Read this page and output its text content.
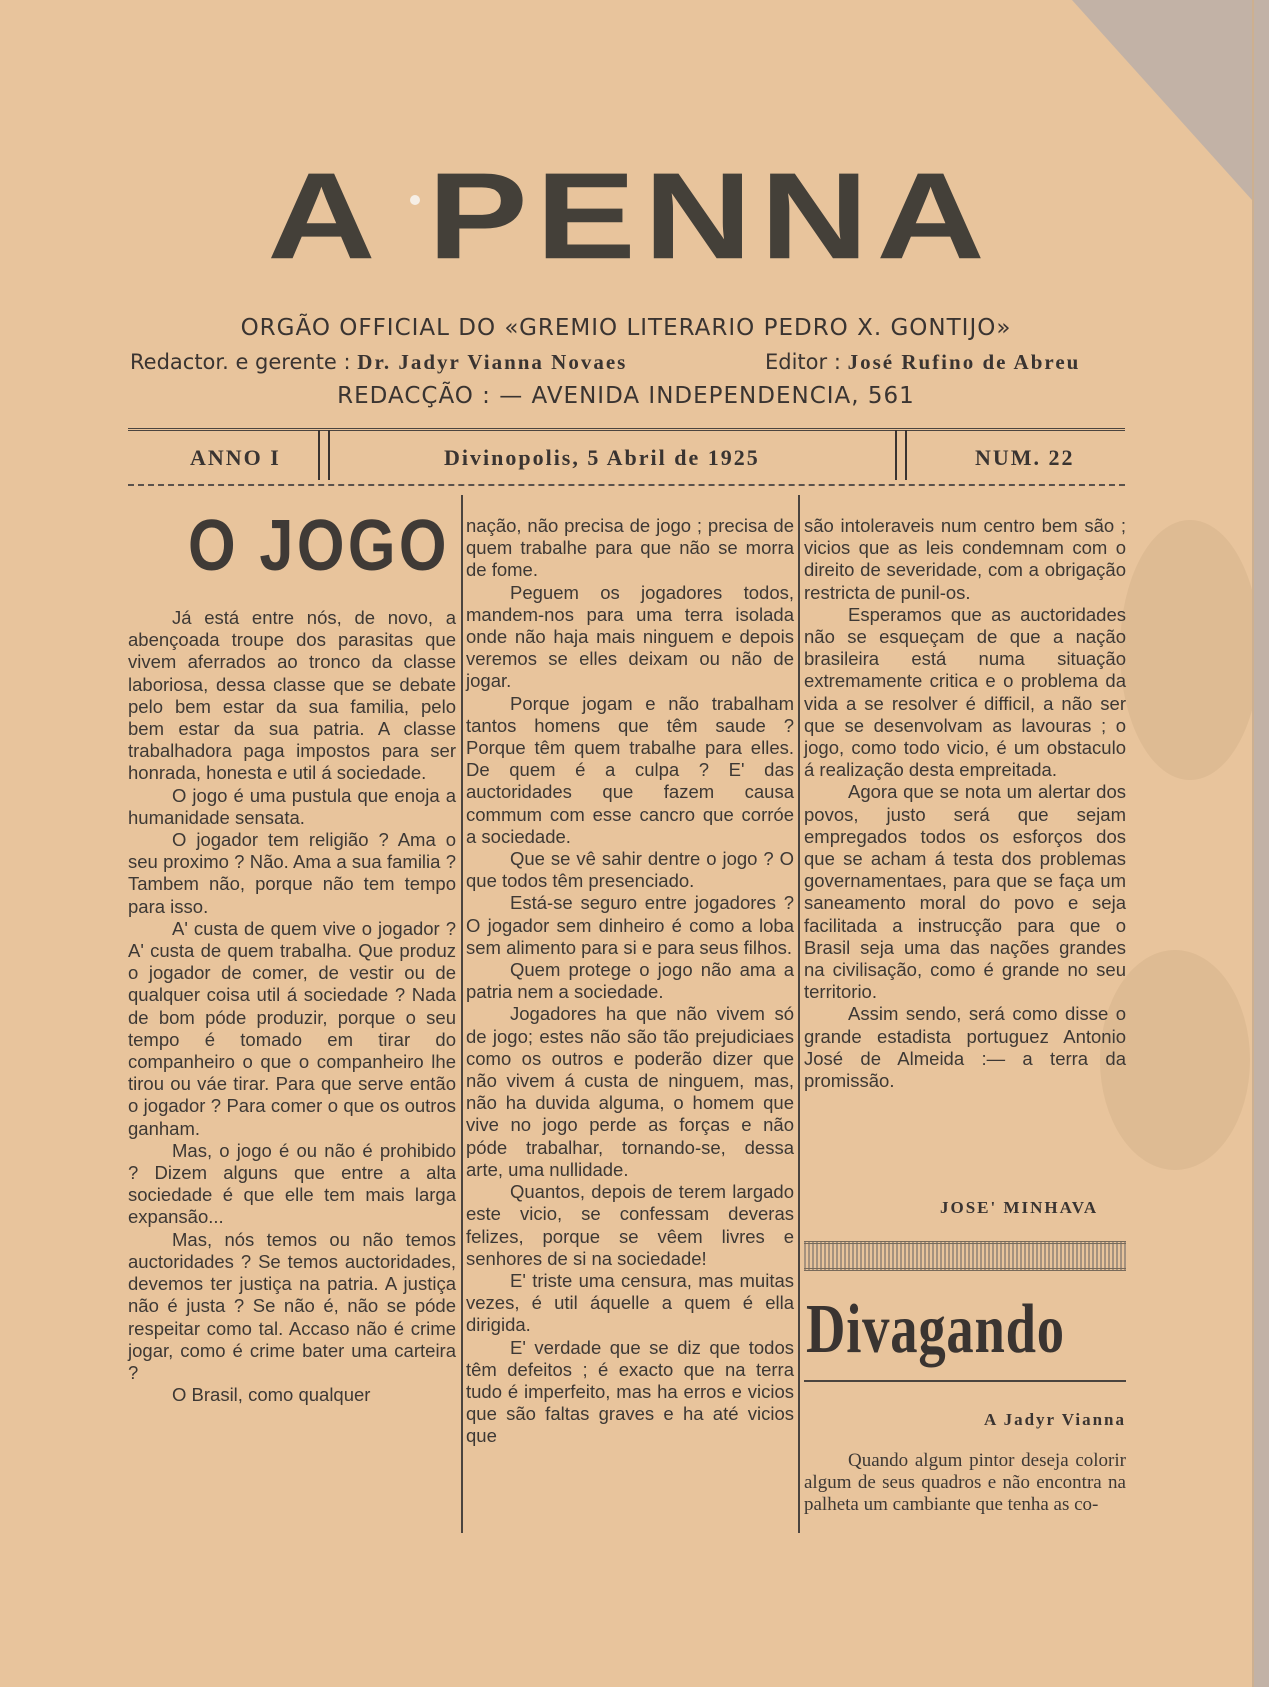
A PENNA
ORGÃO OFFICIAL DO «GREMIO LITERARIO PEDRO X. GONTIJO»
Redactor. e gerente : Dr. Jadyr Vianna Novaes	Editor : José Rufino de Abreu
REDACÇÃO : — AVENIDA INDEPENDENCIA, 561
ANNO I	Divinopolis, 5 Abril de 1925	NUM. 22
O JOGO

Já está entre nós, de novo, a abençoada troupe dos parasitas que vivem aferrados ao tronco da classe laboriosa, dessa classe que se debate pelo bem estar da sua familia, pelo bem estar da sua patria. A classe trabalhadora paga impostos para ser honrada, honesta e util á sociedade.

O jogo é uma pustula que enoja a humanidade sensata.

O jogador tem religião ? Ama o seu proximo ? Não. Ama a sua familia ? Tambem não, porque não tem tempo para isso.

A' custa de quem vive o jogador ? A' custa de quem trabalha. Que produz o jogador de comer, de vestir ou de qualquer coisa util á sociedade ? Nada de bom póde produzir, porque o seu tempo é tomado em tirar do companheiro o que o companheiro lhe tirou ou váe tirar. Para que serve então o jogador ? Para comer o que os outros ganham.

Mas, o jogo é ou não é prohibido ? Dizem alguns que entre a alta sociedade é que elle tem mais larga expansão...

Mas, nós temos ou não temos auctoridades ? Se temos auctoridades, devemos ter justiça na patria. A justiça não é justa ? Se não é, não se póde respeitar como tal. Accaso não é crime jogar, como é crime bater uma carteira ?

O Brasil, como qualquer

nação, não precisa de jogo ; precisa de quem trabalhe para que não se morra de fome.

Peguem os jogadores todos, mandem-nos para uma terra isolada onde não haja mais ninguem e depois veremos se elles deixam ou não de jogar.

Porque jogam e não trabalham tantos homens que têm saude ? Porque têm quem trabalhe para elles. De quem é a culpa ? E' das auctoridades que fazem causa commum com esse cancro que corróe a sociedade.

Que se vê sahir dentre o jogo ? O que todos têm presenciado.

Está-se seguro entre jogadores ? O jogador sem dinheiro é como a loba sem alimento para si e para seus filhos.

Quem protege o jogo não ama a patria nem a sociedade.

Jogadores ha que não vivem só de jogo; estes não são tão prejudiciaes como os outros e poderão dizer que não vivem á custa de ninguem, mas, não ha duvida alguma, o homem que vive no jogo perde as forças e não póde trabalhar, tornando-se, dessa arte, uma nullidade.

Quantos, depois de terem largado este vicio, se confessam deveras felizes, porque se vêem livres e senhores de si na sociedade!

E' triste uma censura, mas muitas vezes, é util áquelle a quem é ella dirigida.

E' verdade que se diz que todos têm defeitos ; é exacto que na terra tudo é imperfeito, mas ha erros e vicios que são faltas graves e ha até vicios que

são intoleraveis num centro bem são ; vicios que as leis condemnam com o direito de severidade, com a obrigação restricta de punil-os.

Esperamos que as auctoridades não se esqueçam de que a nação brasileira está numa situação extremamente critica e o problema da vida a se resolver é difficil, a não ser que se desenvolvam as lavouras ; o jogo, como todo vicio, é um obstaculo á realização desta empreitada.

Agora que se nota um alertar dos povos, justo será que sejam empregados todos os esforços dos que se acham á testa dos problemas governamentaes, para que se faça um saneamento moral do povo e seja facilitada a instrucção para que o Brasil seja uma das nações grandes na civilisação, como é grande no seu territorio.

Assim sendo, será como disse o grande estadista portuguez Antonio José de Almeida :— a terra da promissão.

JOSE' MINHAVA
Divagando
A Jadyr Vianna

Quando algum pintor deseja colorir algum de seus quadros e não encontra na palheta um cambiante que tenha as co-
